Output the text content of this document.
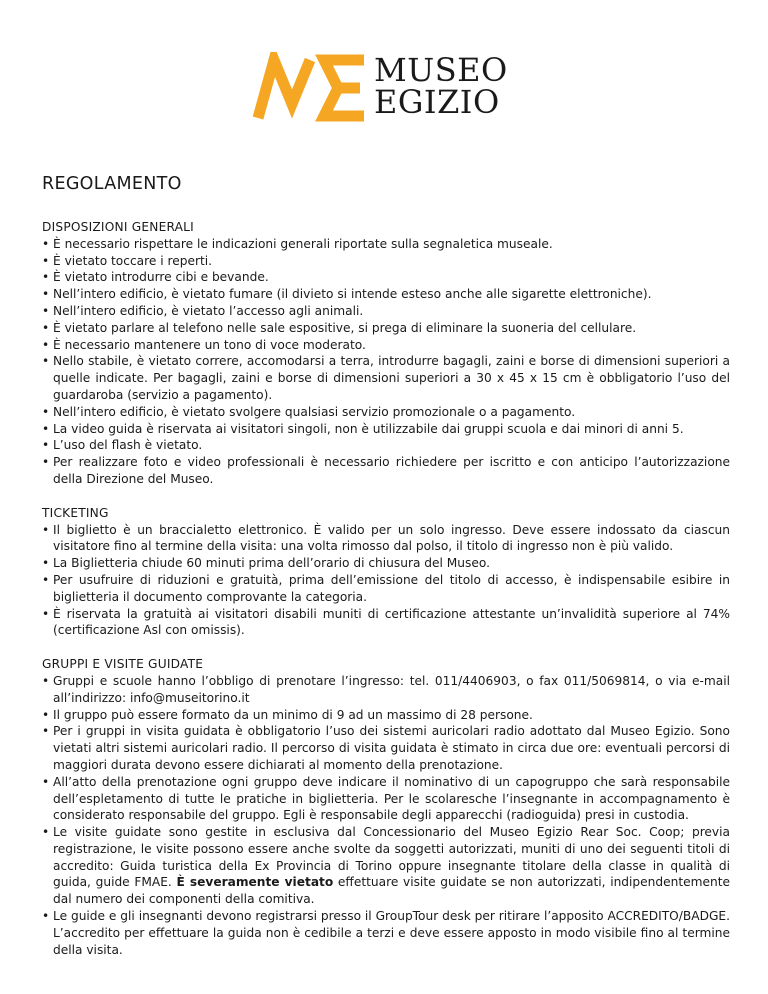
MUSEO
EGIZIO
REGOLAMENTO
DISPOSIZIONI GENERALI
• È necessario rispettare le indicazioni generali riportate sulla segnaletica museale.
• È vietato toccare i reperti.
• È vietato introdurre cibi e bevande.
• Nell’intero edificio, è vietato fumare (il divieto si intende esteso anche alle sigarette elettroniche).
• Nell’intero edificio, è vietato l’accesso agli animali.
• È vietato parlare al telefono nelle sale espositive, si prega di eliminare la suoneria del cellulare.
• È necessario mantenere un tono di voce moderato.
• Nello stabile, è vietato correre, accomodarsi a terra, introdurre bagagli, zaini e borse di dimensioni superiori a quelle indicate. Per bagagli, zaini e borse di dimensioni superiori a 30 x 45 x 15 cm è obbligatorio l’uso del guardaroba (servizio a pagamento).
• Nell’intero edificio, è vietato svolgere qualsiasi servizio promozionale o a pagamento.
• La video guida è riservata ai visitatori singoli, non è utilizzabile dai gruppi scuola e dai minori di anni 5.
• L’uso del flash è vietato.
• Per realizzare foto e video professionali è necessario richiedere per iscritto e con anticipo l’autorizzazione della Direzione del Museo.
TICKETING
• Il biglietto è un braccialetto elettronico. È valido per un solo ingresso. Deve essere indossato da ciascun visitatore fino al termine della visita: una volta rimosso dal polso, il titolo di ingresso non è più valido.
• La Biglietteria chiude 60 minuti prima dell’orario di chiusura del Museo.
• Per usufruire di riduzioni e gratuità, prima dell’emissione del titolo di accesso, è indispensabile esibire in biglietteria il documento comprovante la categoria.
• È riservata la gratuità ai visitatori disabili muniti di certificazione attestante un’invalidità superiore al 74% (certificazione Asl con omissis).
GRUPPI E VISITE GUIDATE
• Gruppi e scuole hanno l’obbligo di prenotare l’ingresso: tel. 011/4406903, o fax 011/5069814, o via e-mail all’indirizzo: info@museitorino.it
• Il gruppo può essere formato da un minimo di 9 ad un massimo di 28 persone.
• Per i gruppi in visita guidata è obbligatorio l’uso dei sistemi auricolari radio adottato dal Museo Egizio. Sono vietati altri sistemi auricolari radio. Il percorso di visita guidata è stimato in circa due ore: eventuali percorsi di maggiori durata devono essere dichiarati al momento della prenotazione.
• All’atto della prenotazione ogni gruppo deve indicare il nominativo di un capogruppo che sarà responsabile dell’espletamento di tutte le pratiche in biglietteria. Per le scolaresche l’insegnante in accompagnamento è considerato responsabile del gruppo. Egli è responsabile degli apparecchi (radioguida) presi in custodia.
• Le visite guidate sono gestite in esclusiva dal Concessionario del Museo Egizio Rear Soc. Coop; previa registrazione, le visite possono essere anche svolte da soggetti autorizzati, muniti di uno dei seguenti titoli di accredito: Guida turistica della Ex Provincia di Torino oppure insegnante titolare della classe in qualità di guida, guide FMAE. È severamente vietato effettuare visite guidate se non autorizzati, indipendentemente dal numero dei componenti della comitiva.
• Le guide e gli insegnanti devono registrarsi presso il GroupTour desk per ritirare l’apposito ACCREDITO/BADGE. L’accredito per effettuare la guida non è cedibile a terzi e deve essere apposto in modo visibile fino al termine della visita.
